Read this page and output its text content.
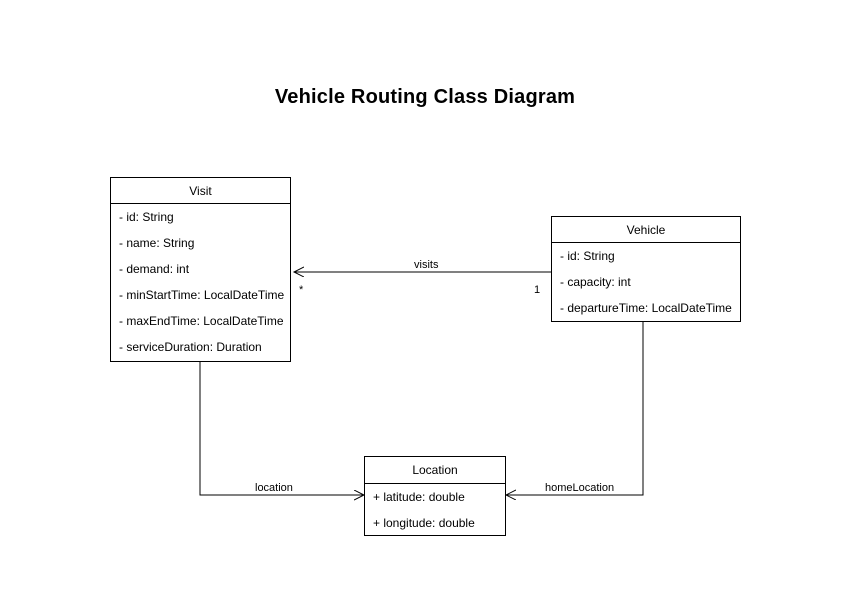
Vehicle Routing Class Diagram
Visit
- id: String
- name: String
- demand: int
- minStartTime: LocalDateTime
- maxEndTime: LocalDateTime
- serviceDuration: Duration
Vehicle
- id: String
- capacity: int
- departureTime: LocalDateTime
Location
+ latitude: double
+ longitude: double
visits
1
*
location	homeLocation
